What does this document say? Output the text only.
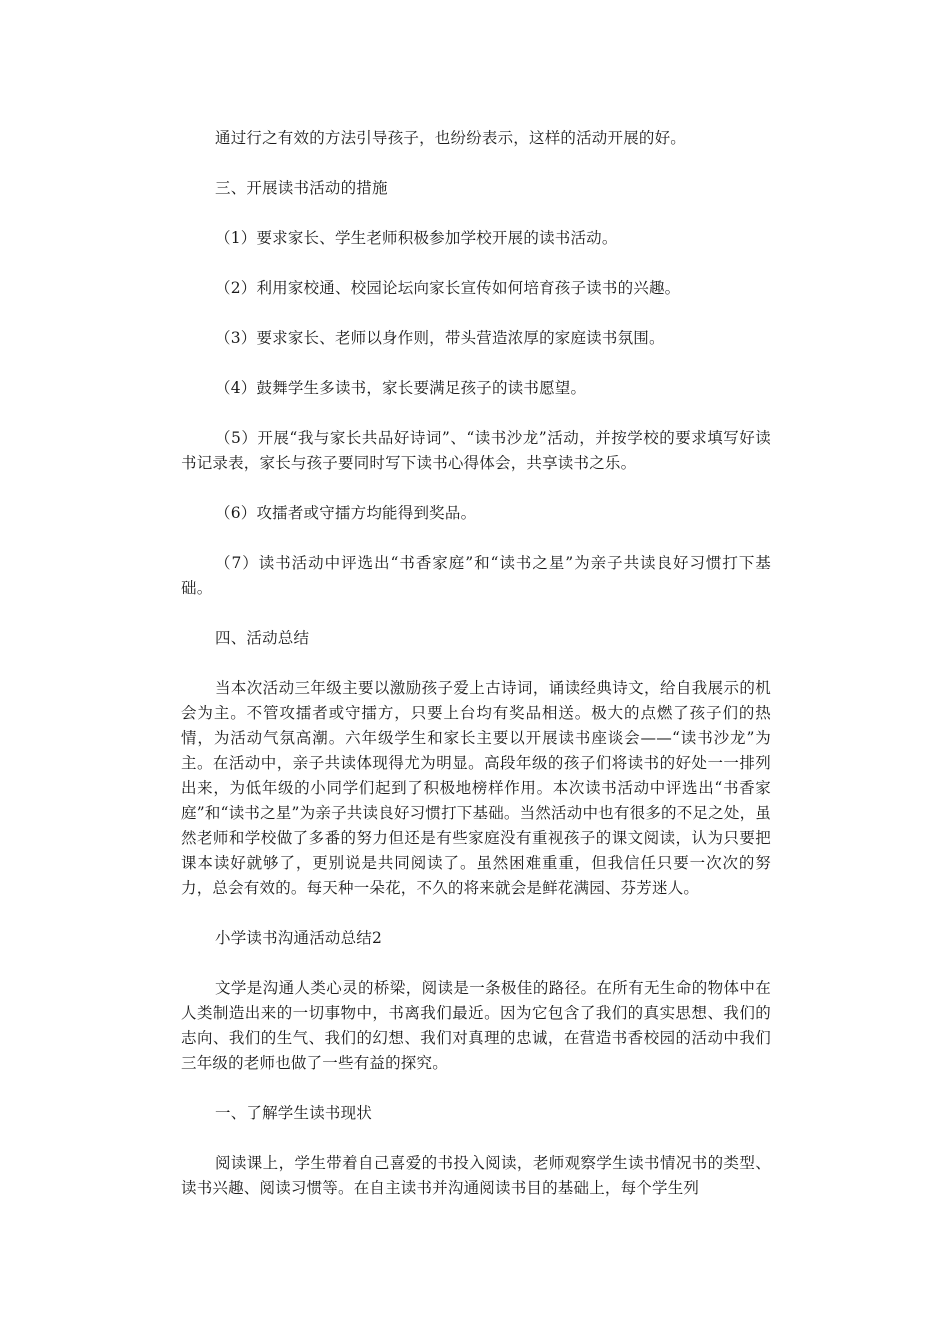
通过行之有效的方法引导孩子，也纷纷表示，这样的活动开展的好。

三、开展读书活动的措施

（1）要求家长、学生老师积极参加学校开展的读书活动。

（2）利用家校通、校园论坛向家长宣传如何培育孩子读书的兴趣。

（3）要求家长、老师以身作则，带头营造浓厚的家庭读书氛围。

（4）鼓舞学生多读书，家长要满足孩子的读书愿望。

（5）开展“我与家长共品好诗词”、“读书沙龙”活动，并按学校的要求填写好读书记录表，家长与孩子要同时写下读书心得体会，共享读书之乐。

（6）攻擂者或守擂方均能得到奖品。

（7）读书活动中评选出“书香家庭”和“读书之星”为亲子共读良好习惯打下基础。

四、活动总结

当本次活动三年级主要以激励孩子爱上古诗词，诵读经典诗文，给自我展示的机会为主。不管攻擂者或守擂方，只要上台均有奖品相送。极大的点燃了孩子们的热情，为活动气氛高潮。六年级学生和家长主要以开展读书座谈会——“读书沙龙”为主。在活动中，亲子共读体现得尤为明显。高段年级的孩子们将读书的好处一一排列出来，为低年级的小同学们起到了积极地榜样作用。本次读书活动中评选出“书香家庭”和“读书之星”为亲子共读良好习惯打下基础。当然活动中也有很多的不足之处，虽然老师和学校做了多番的努力但还是有些家庭没有重视孩子的课文阅读，认为只要把课本读好就够了，更别说是共同阅读了。虽然困难重重，但我信任只要一次次的努力，总会有效的。每天种一朵花，不久的将来就会是鲜花满园、芬芳迷人。

小学读书沟通活动总结2

文学是沟通人类心灵的桥梁，阅读是一条极佳的路径。在所有无生命的物体中在人类制造出来的一切事物中，书离我们最近。因为它包含了我们的真实思想、我们的志向、我们的生气、我们的幻想、我们对真理的忠诚，在营造书香校园的活动中我们三年级的老师也做了一些有益的探究。

一、了解学生读书现状

阅读课上，学生带着自己喜爱的书投入阅读，老师观察学生读书情况书的类型、读书兴趣、阅读习惯等。在自主读书并沟通阅读书目的基础上，每个学生列
